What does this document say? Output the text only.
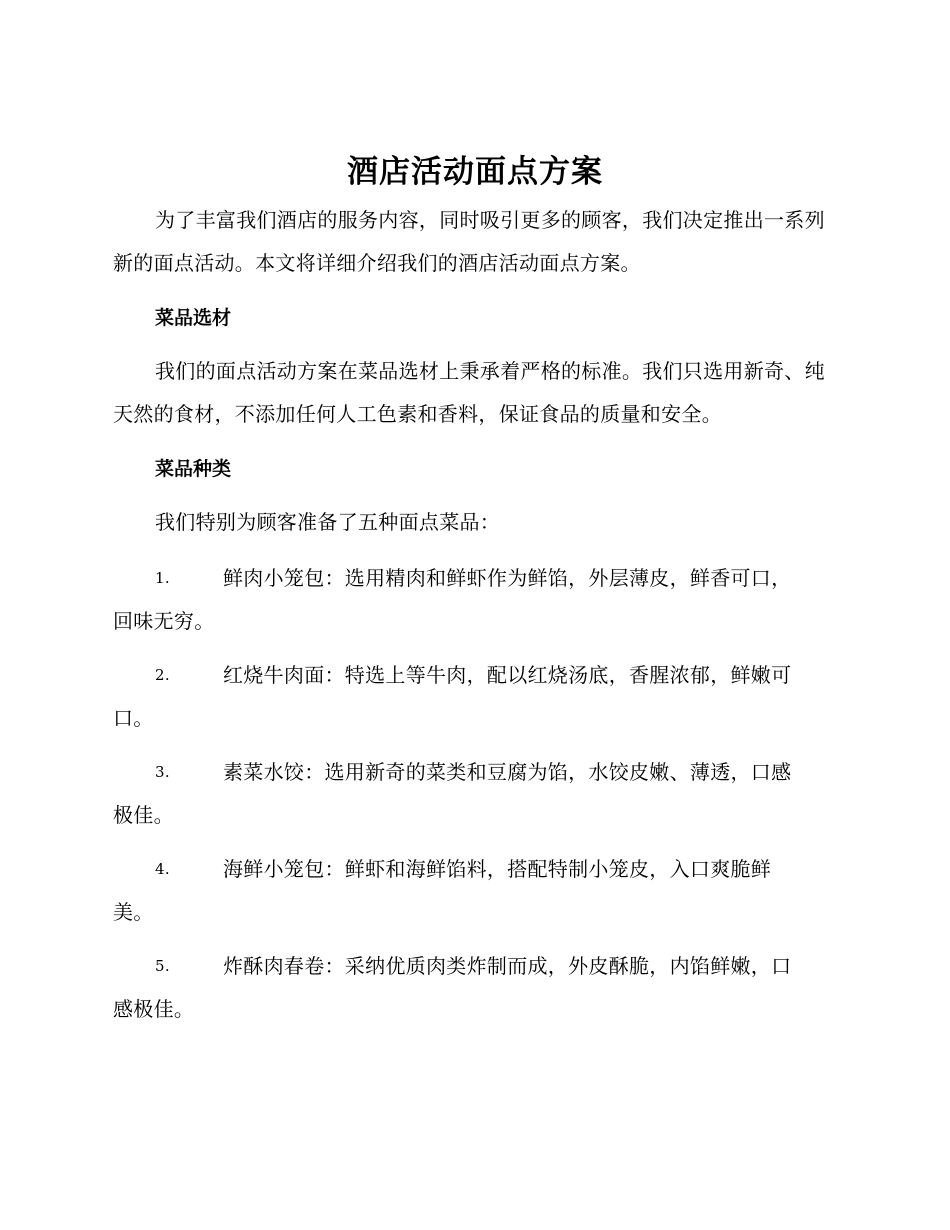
酒店活动面点方案
为了丰富我们酒店的服务内容，同时吸引更多的顾客，我们决定推出一系列新的面点活动。本文将详细介绍我们的酒店活动面点方案。
菜品选材
我们的面点活动方案在菜品选材上秉承着严格的标准。我们只选用新奇、纯天然的食材，不添加任何人工色素和香料，保证食品的质量和安全。
菜品种类
我们特别为顾客准备了五种面点菜品：
1.	鲜肉小笼包：选用精肉和鲜虾作为鲜馅，外层薄皮，鲜香可口，
回味无穷。
2.	红烧牛肉面：特选上等牛肉，配以红烧汤底，香腥浓郁，鲜嫩可
口。
3.	素菜水饺：选用新奇的菜类和豆腐为馅，水饺皮嫩、薄透，口感
极佳。
4.	海鲜小笼包：鲜虾和海鲜馅料，搭配特制小笼皮，入口爽脆鲜
美。
5.	炸酥肉春卷：采纳优质肉类炸制而成，外皮酥脆，内馅鲜嫩，口
感极佳。
